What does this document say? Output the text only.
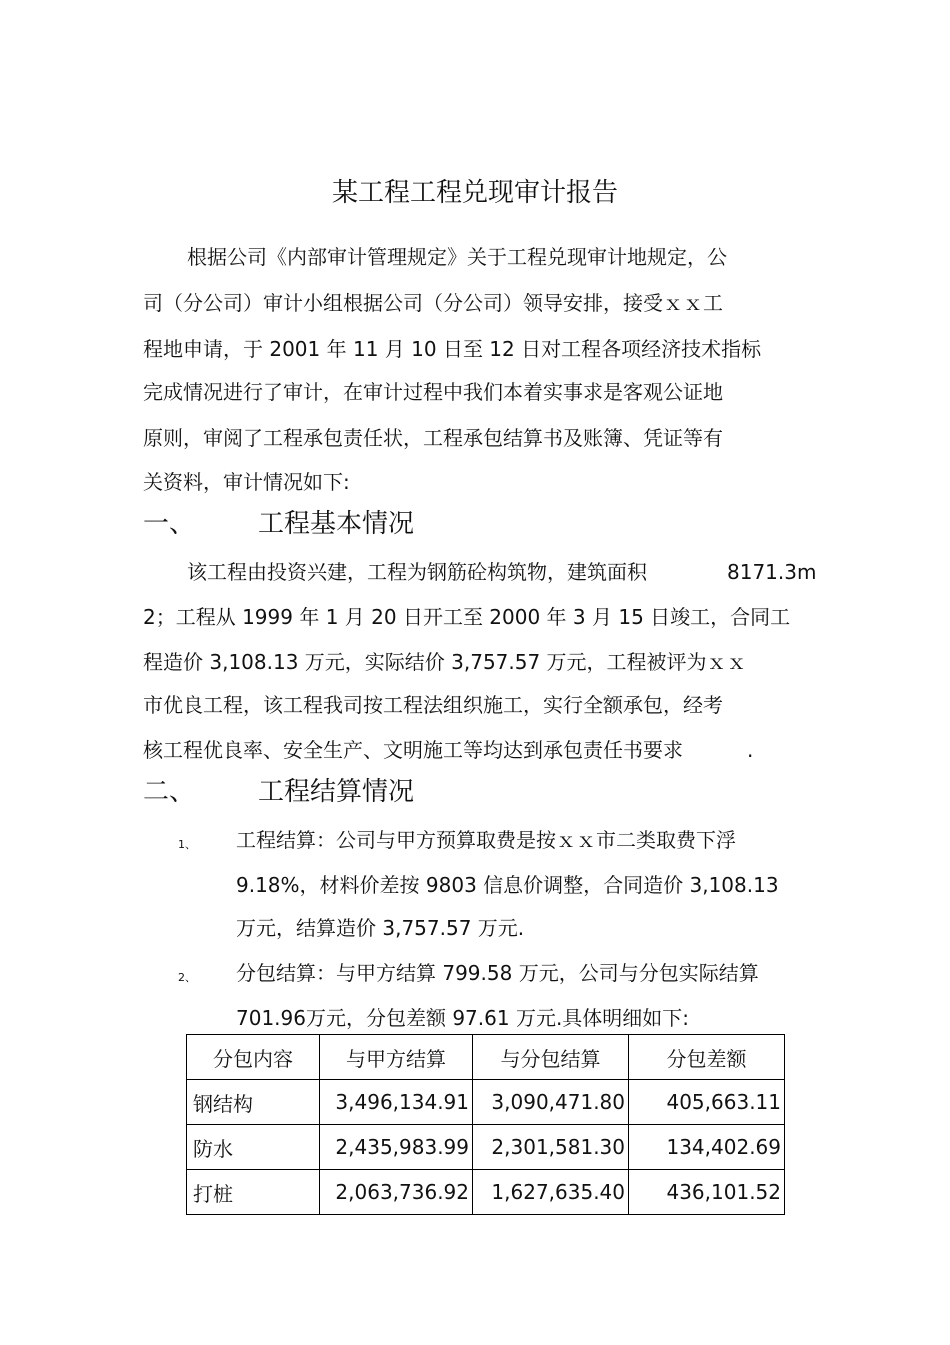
某工程工程兑现审计报告
根据公司《内部审计管理规定》关于工程兑现审计地规定，公
司（分公司）审计小组根据公司（分公司）领导安排，接受ｘｘ工
程地申请，于 2001 年 11 月 10 日至 12 日对工程各项经济技术指标
完成情况进行了审计，在审计过程中我们本着实事求是客观公证地
原则，审阅了工程承包责任状，工程承包结算书及账簿、凭证等有
关资料，审计情况如下:
一、 工程基本情况
该工程由投资兴建，工程为钢筋砼构筑物，建筑面积	8171.3m
2；工程从 1999 年 1 月 20 日开工至 2000 年 3 月 15 日竣工，合同工
程造价 3,108.13 万元，实际结价 3,757.57 万元，工程被评为ｘｘ
市优良工程，该工程我司按工程法组织施工，实行全额承包，经考
核工程优良率、安全生产、文明施工等均达到承包责任书要求	.
二、 工程结算情况
1、 工程结算：公司与甲方预算取费是按ｘｘ市二类取费下浮
9.18%，材料价差按 9803 信息价调整，合同造价 3,108.13
万元，结算造价 3,757.57 万元.
2、 分包结算：与甲方结算 799.58 万元，公司与分包实际结算
701.96万元，分包差额 97.61 万元.具体明细如下:
分包内容	与甲方结算	与分包结算	分包差额
钢结构	3,496,134.91	3,090,471.80	405,663.11
防水	2,435,983.99	2,301,581.30	134,402.69
打桩	2,063,736.92	1,627,635.40	436,101.52
